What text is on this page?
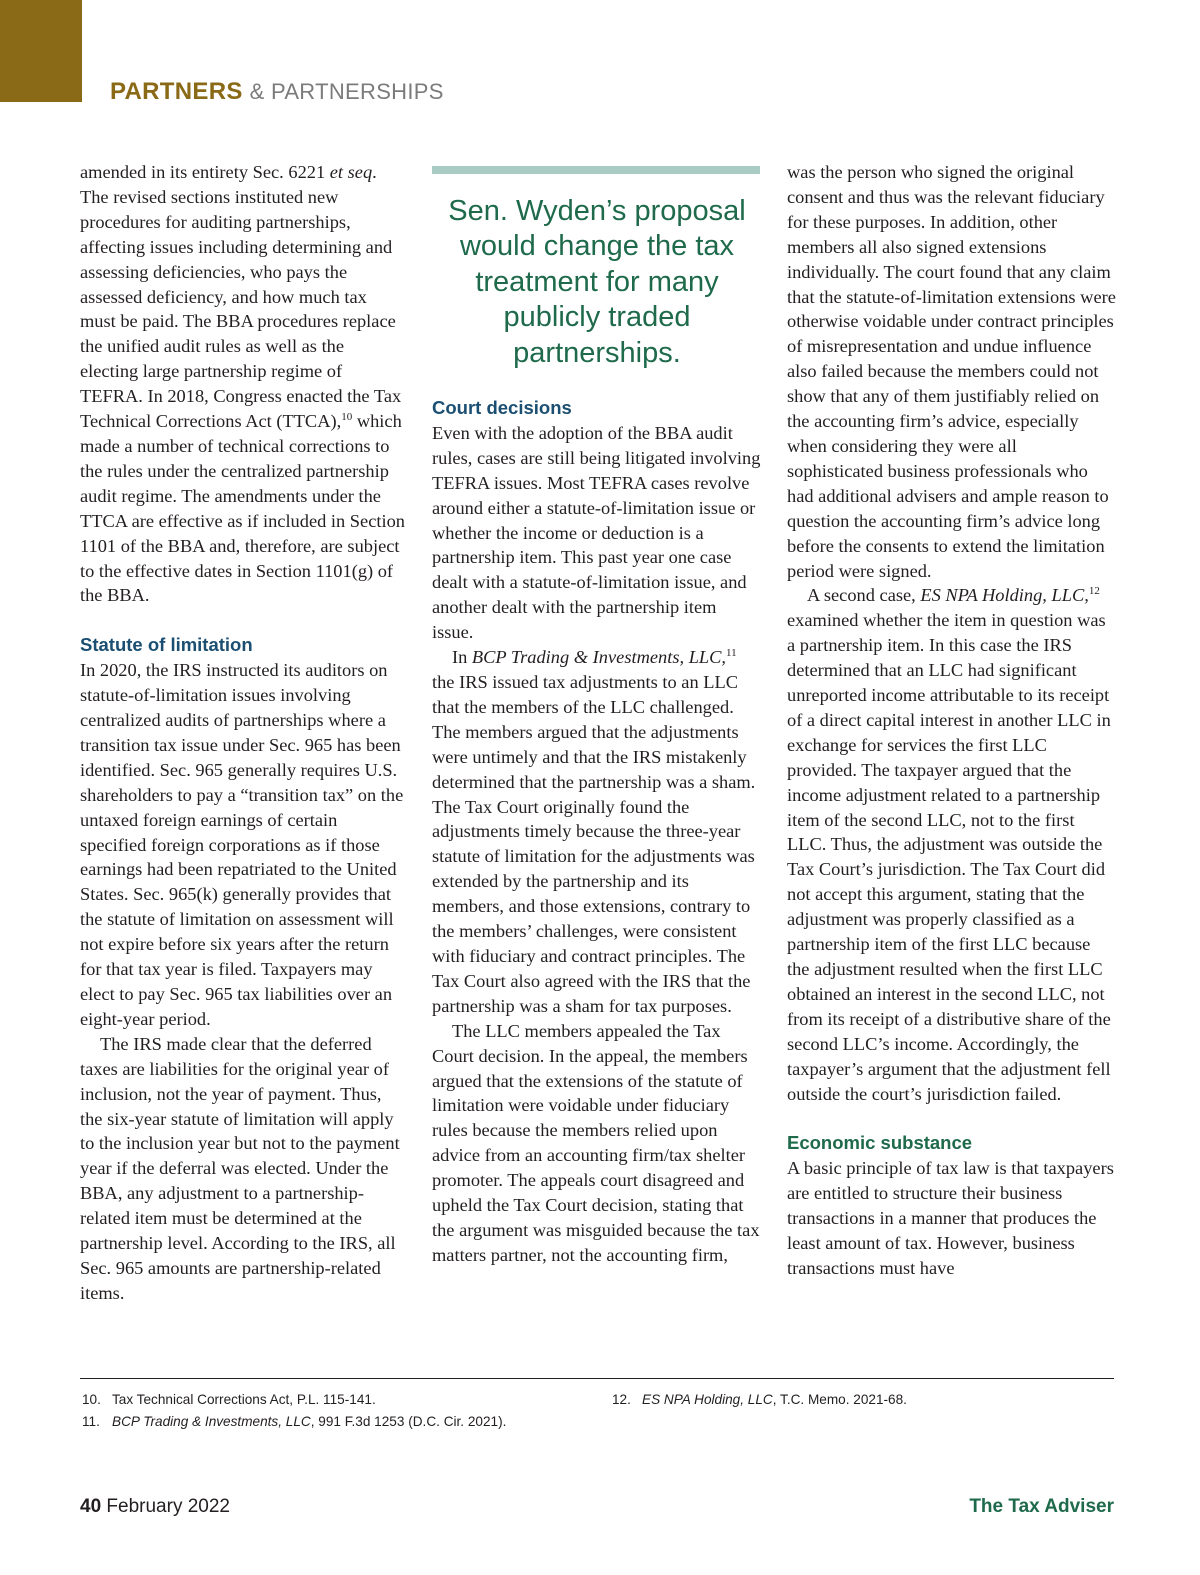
PARTNERS & PARTNERSHIPS

amended in its entirety Sec. 6221 et seq. The revised sections instituted new procedures for auditing partnerships, affecting issues including determining and assessing deficiencies, who pays the assessed deficiency, and how much tax must be paid. The BBA procedures replace the unified audit rules as well as the electing large partnership regime of TEFRA. In 2018, Congress enacted the Tax Technical Corrections Act (TTCA),$^{10}$ which made a number of technical corrections to the rules under the centralized partnership audit regime. The amendments under the TTCA are effective as if included in Section 1101 of the BBA and, therefore, are subject to the effective dates in Section 1101(g) of the BBA.

Statute of limitation

In 2020, the IRS instructed its auditors on statute-of-limitation issues involving centralized audits of partnerships where a transition tax issue under Sec. 965 has been identified. Sec. 965 generally requires U.S. shareholders to pay a “transition tax” on the untaxed foreign earnings of certain specified foreign corporations as if those earnings had been repatriated to the United States. Sec. 965(k) generally provides that the statute of limitation on assessment will not expire before six years after the return for that tax year is filed. Taxpayers may elect to pay Sec. 965 tax liabilities over an eight-year period.

The IRS made clear that the deferred taxes are liabilities for the original year of inclusion, not the year of payment. Thus, the six-year statute of limitation will apply to the inclusion year but not to the payment year if the deferral was elected. Under the BBA, any adjustment to a partnership-related item must be determined at the partnership level. According to the IRS, all Sec. 965 amounts are partnership-related items.

Sen. Wyden’s proposal would change the tax treatment for many publicly traded partnerships.
Court decisions

Even with the adoption of the BBA audit rules, cases are still being litigated involving TEFRA issues. Most TEFRA cases revolve around either a statute-of-limitation issue or whether the income or deduction is a partnership item. This past year one case dealt with a statute-of-limitation issue, and another dealt with the partnership item issue.

In BCP Trading & Investments, LLC,$^{11}$ the IRS issued tax adjustments to an LLC that the members of the LLC challenged. The members argued that the adjustments were untimely and that the IRS mistakenly determined that the partnership was a sham. The Tax Court originally found the adjustments timely because the three-year statute of limitation for the adjustments was extended by the partnership and its members, and those extensions, contrary to the members’ challenges, were consistent with fiduciary and contract principles. The Tax Court also agreed with the IRS that the partnership was a sham for tax purposes.

The LLC members appealed the Tax Court decision. In the appeal, the members argued that the extensions of the statute of limitation were voidable under fiduciary rules because the members relied upon advice from an accounting firm/tax shelter promoter. The appeals court disagreed and upheld the Tax Court decision, stating that the argument was misguided because the tax matters partner, not the accounting firm,

was the person who signed the original consent and thus was the relevant fiduciary for these purposes. In addition, other members all also signed extensions individually. The court found that any claim that the statute-of-limitation extensions were otherwise voidable under contract principles of misrepresentation and undue influence also failed because the members could not show that any of them justifiably relied on the accounting firm’s advice, especially when considering they were all sophisticated business professionals who had additional advisers and ample reason to question the accounting firm’s advice long before the consents to extend the limitation period were signed.

A second case, ES NPA Holding, LLC,$^{12}$ examined whether the item in question was a partnership item. In this case the IRS determined that an LLC had significant unreported income attributable to its receipt of a direct capital interest in another LLC in exchange for services the first LLC provided. The taxpayer argued that the income adjustment related to a partnership item of the second LLC, not to the first LLC. Thus, the adjustment was outside the Tax Court’s jurisdiction. The Tax Court did not accept this argument, stating that the adjustment was properly classified as a partnership item of the first LLC because the adjustment resulted when the first LLC obtained an interest in the second LLC, not from its receipt of a distributive share of the second LLC’s income. Accordingly, the taxpayer’s argument that the adjustment fell outside the court’s jurisdiction failed.

Economic substance

A basic principle of tax law is that taxpayers are entitled to structure their business transactions in a manner that produces the least amount of tax. However, business transactions must have

10. Tax Technical Corrections Act, P.L. 115-141.
11. BCP Trading & Investments, LLC, 991 F.3d 1253 (D.C. Cir. 2021).
12. ES NPA Holding, LLC, T.C. Memo. 2021-68.
40 February 2022	The Tax Adviser
